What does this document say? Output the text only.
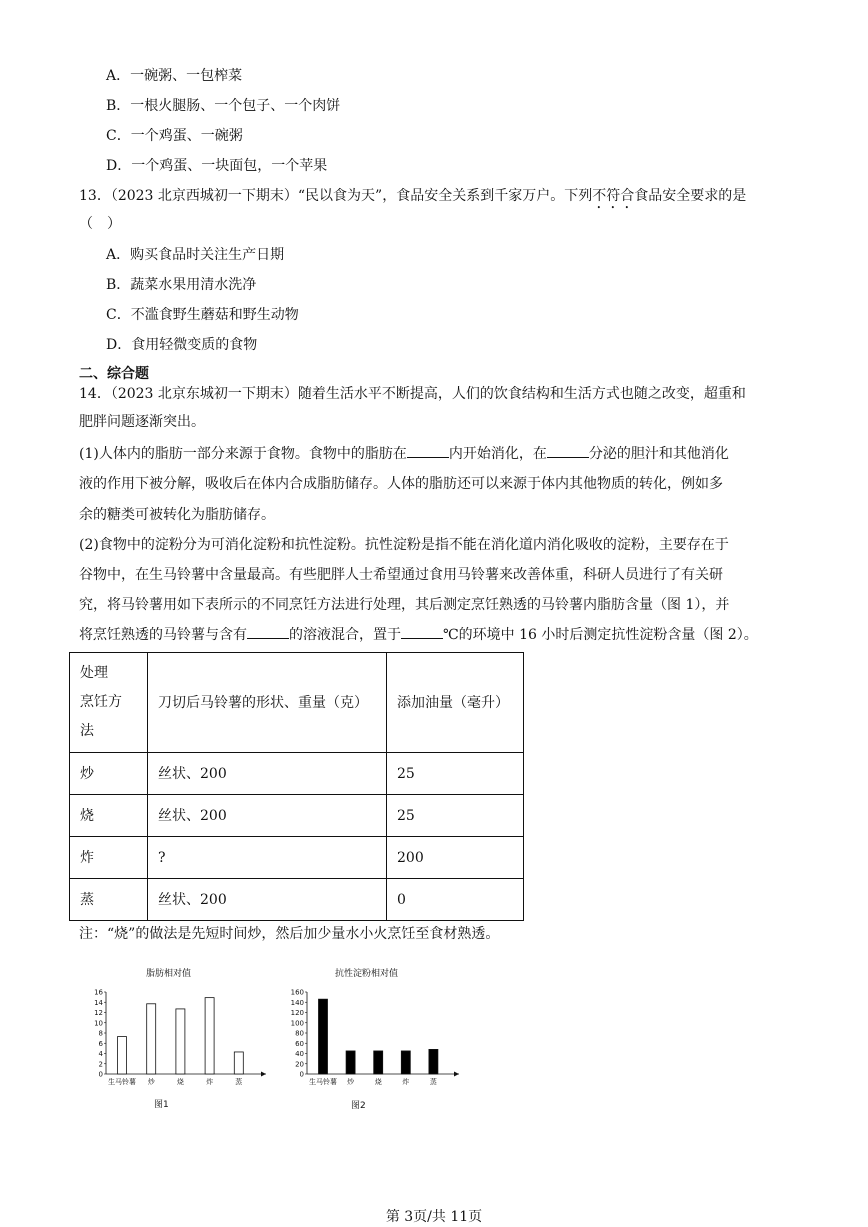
A．一碗粥、一包榨菜
B．一根火腿肠、一个包子、一个肉饼
C．一个鸡蛋、一碗粥
D．一个鸡蛋、一块面包，一个苹果
13．（2023 北京西城初一下期末）“民以食为天”，食品安全关系到千家万户。下列不符合食品安全要求的是
（　）
A．购买食品时关注生产日期
B．蔬菜水果用清水洗净
C．不滥食野生蘑菇和野生动物
D．食用轻微变质的食物
二、综合题
14．（2023 北京东城初一下期末）随着生活水平不断提高，人们的饮食结构和生活方式也随之改变，超重和
肥胖问题逐渐突出。
(1)人体内的脂肪一部分来源于食物。食物中的脂肪在	内开始消化，在	分泌的胆汁和其他消化
液的作用下被分解，吸收后在体内合成脂肪储存。人体的脂肪还可以来源于体内其他物质的转化，例如多
余的糖类可被转化为脂肪储存。
(2)食物中的淀粉分为可消化淀粉和抗性淀粉。抗性淀粉是指不能在消化道内消化吸收的淀粉，主要存在于
谷物中，在生马铃薯中含量最高。有些肥胖人士希望通过食用马铃薯来改善体重，科研人员进行了有关研
究，将马铃薯用如下表所示的不同烹饪方法进行处理，其后测定烹饪熟透的马铃薯内脂肪含量（图 1），并
将烹饪熟透的马铃薯与含有	的溶液混合，置于	℃的环境中 16 小时后测定抗性淀粉含量（图 2）。
处理
烹饪方
法	刀切后马铃薯的形状、重量（克）	添加油量（毫升）
炒	丝状、200	25
烧	丝状、200	25
炸	?	200
蒸	丝状、200	0
注：“烧”的做法是先短时间炒，然后加少量水小火烹饪至食材熟透。
脂肪相对值
0
2
4
6
8
10
12
14
16
生马铃薯 炒	烧	炸	蒸
图1
抗性淀粉相对值
0
20
40
60
80
100
120
140
160
生马铃薯 炒	烧	炸	蒸
图2
第 3页/共 11页
